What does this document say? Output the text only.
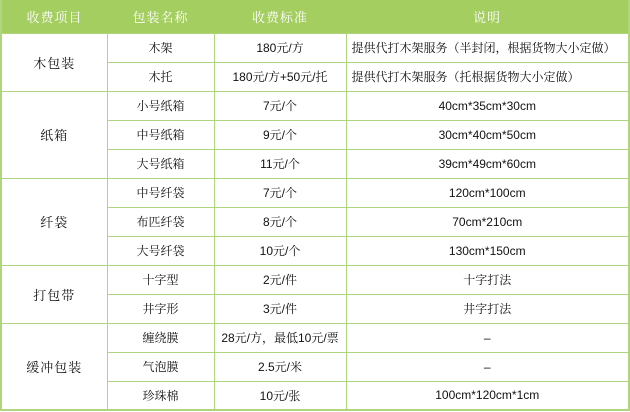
收费项目	包装名称	收费标准	说明
木包装	木架	180元/方	提供代打木架服务（半封闭，根据货物大小定做）
	木托	180元/方+50元/托	提供代打木架服务（托根据货物大小定做）
纸箱	小号纸箱	7元/个	40cm*35cm*30cm
	中号纸箱	9元/个	30cm*40cm*50cm
	大号纸箱	11元/个	39cm*49cm*60cm
纤袋	中号纤袋	7元/个	120cm*100cm
	布匹纤袋	8元/个	70cm*210cm
	大号纤袋	10元/个	130cm*150cm
打包带	十字型	2元/件	十字打法
	井字形	3元/件	井字打法
缓冲包装	缠绕膜	28元/方，最低10元/票	–
	气泡膜	2.5元/米	–
	珍珠棉	10元/张	100cm*120cm*1cm
